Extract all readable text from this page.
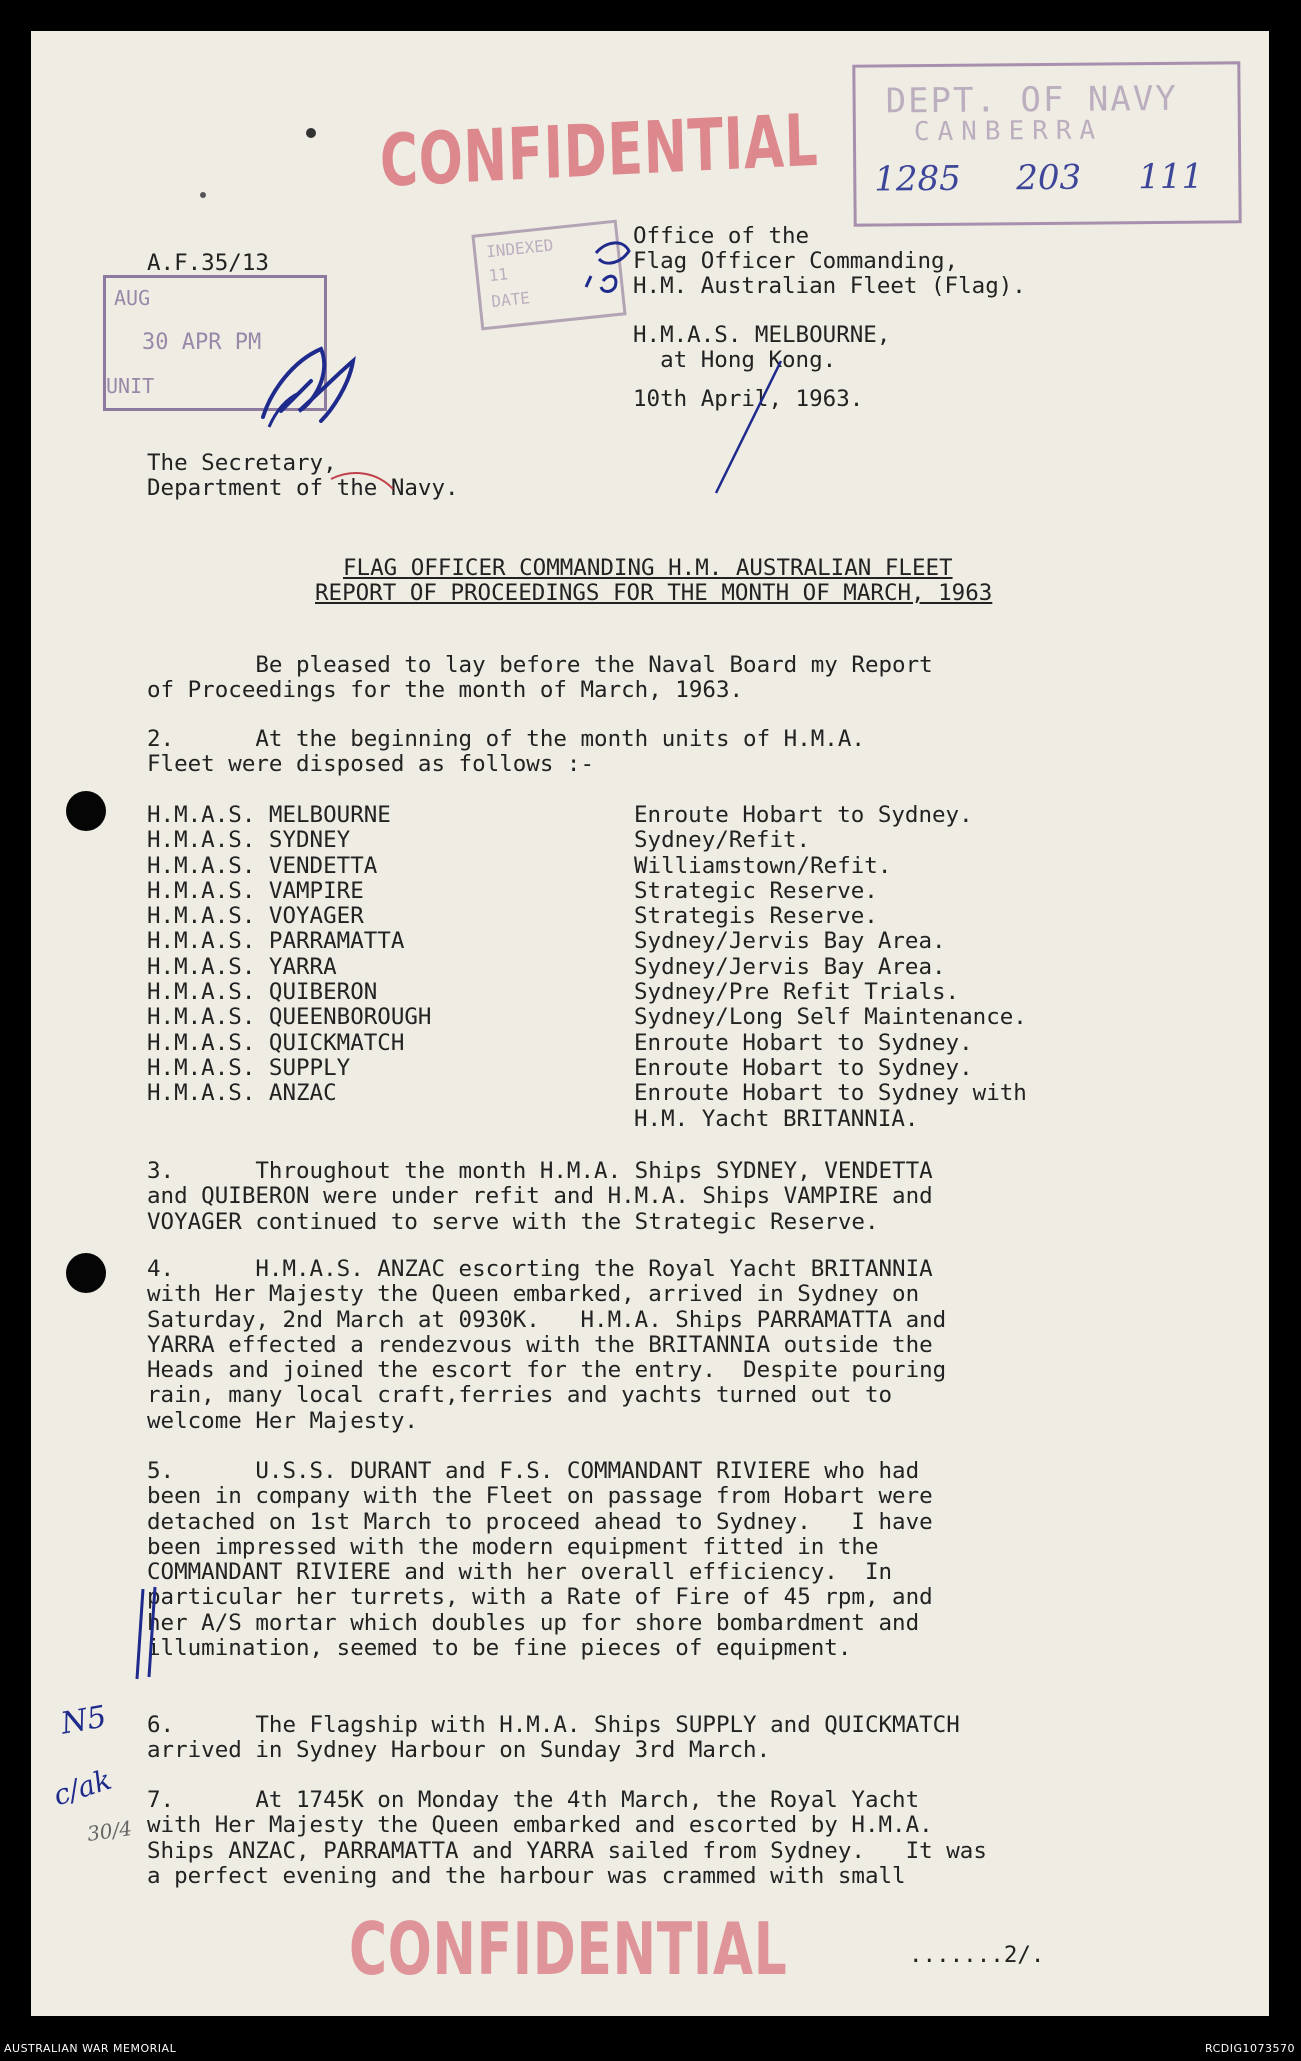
CONFIDENTIAL DEPT. OF NAVY
CANBERRA
1285 203 111
INDEXED
11
DATE
AUG
30 APR PM
UNIT
A.F.35/13
Office of the
Flag Officer Commanding,
H.M. Australian Fleet (Flag).
H.M.A.S. MELBOURNE,
at Hong Kong.
10th April, 1963.
The Secretary,
Department of the Navy.
FLAG OFFICER COMMANDING H.M. AUSTRALIAN FLEET
REPORT OF PROCEEDINGS FOR THE MONTH OF MARCH, 1963
Be pleased to lay before the Naval Board my Report
of Proceedings for the month of March, 1963.
2.      At the beginning of the month units of H.M.A.
Fleet were disposed as follows :-
H.M.A.S. MELBOURNE	Enroute Hobart to Sydney.
H.M.A.S. SYDNEY	Sydney/Refit.
H.M.A.S. VENDETTA	Williamstown/Refit.
H.M.A.S. VAMPIRE	Strategic Reserve.
H.M.A.S. VOYAGER	Strategis Reserve.
H.M.A.S. PARRAMATTA	Sydney/Jervis Bay Area.
H.M.A.S. YARRA	Sydney/Jervis Bay Area.
H.M.A.S. QUIBERON	Sydney/Pre Refit Trials.
H.M.A.S. QUEENBOROUGH	Sydney/Long Self Maintenance.
H.M.A.S. QUICKMATCH	Enroute Hobart to Sydney.
H.M.A.S. SUPPLY	Enroute Hobart to Sydney.
H.M.A.S. ANZAC	Enroute Hobart to Sydney with
H.M. Yacht BRITANNIA.
3.      Throughout the month H.M.A. Ships SYDNEY, VENDETTA
and QUIBERON were under refit and H.M.A. Ships VAMPIRE and
VOYAGER continued to serve with the Strategic Reserve.
4.      H.M.A.S. ANZAC escorting the Royal Yacht BRITANNIA
with Her Majesty the Queen embarked, arrived in Sydney on
Saturday, 2nd March at 0930K.   H.M.A. Ships PARRAMATTA and
YARRA effected a rendezvous with the BRITANNIA outside the
Heads and joined the escort for the entry.  Despite pouring
rain, many local craft,ferries and yachts turned out to
welcome Her Majesty.
5.      U.S.S. DURANT and F.S. COMMANDANT RIVIERE who had
been in company with the Fleet on passage from Hobart were
detached on 1st March to proceed ahead to Sydney.   I have
been impressed with the modern equipment fitted in the
COMMANDANT RIVIERE and with her overall efficiency.  In
particular her turrets, with a Rate of Fire of 45 rpm, and
her A/S mortar which doubles up for shore bombardment and
illumination, seemed to be fine pieces of equipment.
6.      The Flagship with H.M.A. Ships SUPPLY and QUICKMATCH
arrived in Sydney Harbour on Sunday 3rd March.
7.      At 1745K on Monday the 4th March, the Royal Yacht
with Her Majesty the Queen embarked and escorted by H.M.A.
Ships ANZAC, PARRAMATTA and YARRA sailed from Sydney.   It was
a perfect evening and the harbour was crammed with small
CONFIDENTIAL	.......2/.
N5
c/ak
30/4
AUSTRALIAN WAR MEMORIAL	RCDIG1073570
